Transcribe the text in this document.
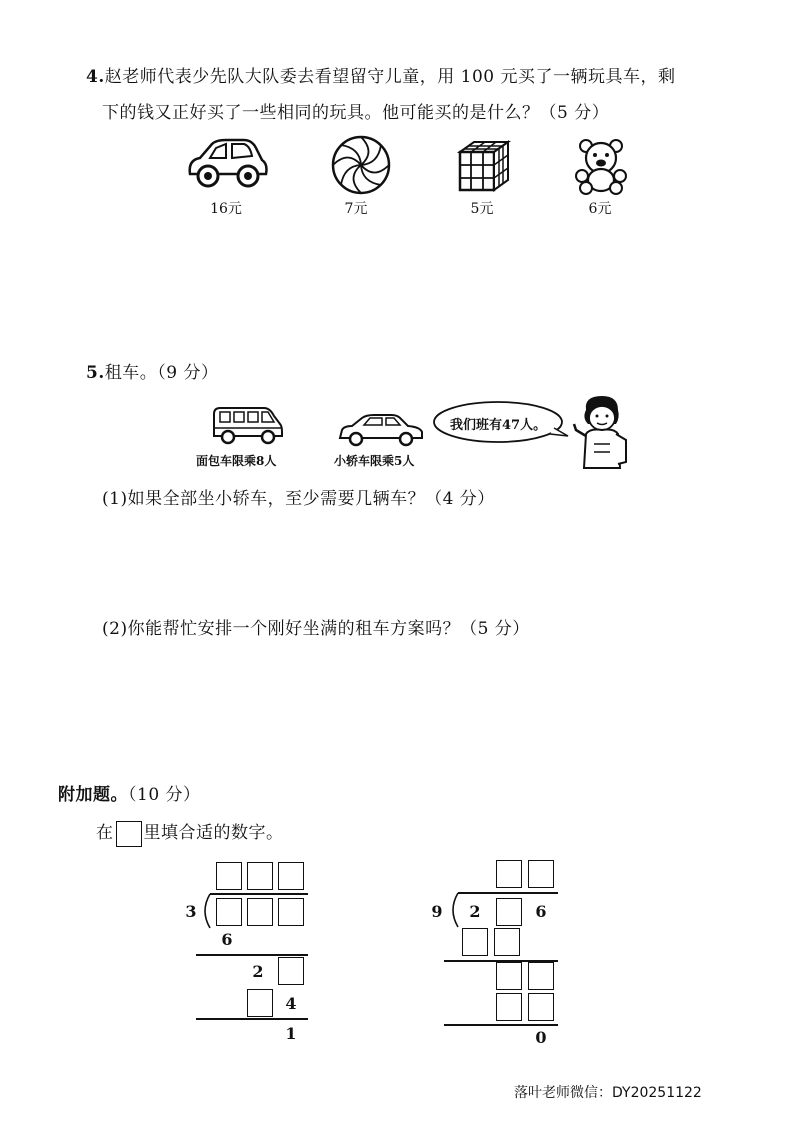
4.赵老师代表少先队大队委去看望留守儿童，用 100 元买了一辆玩具车，剩
下的钱又正好买了一些相同的玩具。他可能买的是什么？（5 分）
16元	7元	5元	6元
5.租车。（9 分）
面包车限乘8人	小轿车限乘5人
我们班有47人。
(1)如果全部坐小轿车，至少需要几辆车？（4 分）
(2)你能帮忙安排一个刚好坐满的租车方案吗？（5 分）
附加题。（10 分）
在 里填合适的数字。
3
6
2
4
1
9	2	6
0
落叶老师微信：DY20251122
